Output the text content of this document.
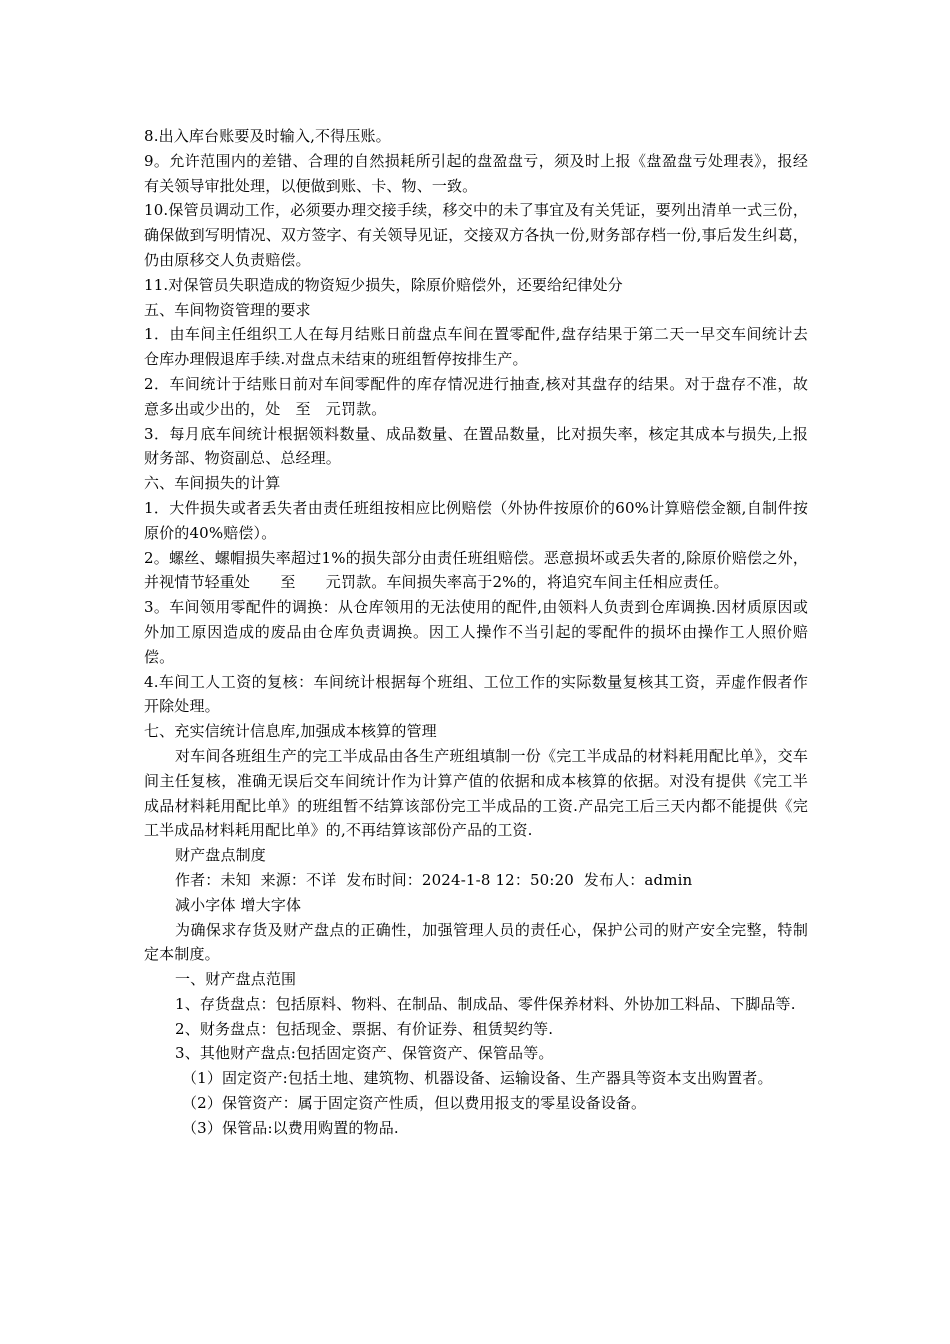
8.出入库台账要及时输入,不得压账。

9。允许范围内的差错、合理的自然损耗所引起的盘盈盘亏，须及时上报《盘盈盘亏处理表》，报经有关领导审批处理，以便做到账、卡、物、一致。

10.保管员调动工作，必须要办理交接手续，移交中的未了事宜及有关凭证，要列出清单一式三份，确保做到写明情况、双方签字、有关领导见证，交接双方各执一份,财务部存档一份,事后发生纠葛，仍由原移交人负责赔偿。

11.对保管员失职造成的物资短少损失，除原价赔偿外，还要给纪律处分

五、车间物资管理的要求

1．由车间主任组织工人在每月结账日前盘点车间在置零配件,盘存结果于第二天一早交车间统计去仓库办理假退库手续.对盘点未结束的班组暂停按排生产。

2．车间统计于结账日前对车间零配件的库存情况进行抽查,核对其盘存的结果。对于盘存不准，故意多出或少出的，处　至　元罚款。

3．每月底车间统计根据领料数量、成品数量、在置品数量，比对损失率，核定其成本与损失,上报财务部、物资副总、总经理。

六、车间损失的计算

1．大件损失或者丢失者由责任班组按相应比例赔偿（外协件按原价的60%计算赔偿金额,自制件按原价的40%赔偿）。

2。螺丝、螺帽损失率超过1%的损失部分由责任班组赔偿。恶意损坏或丢失者的,除原价赔偿之外，并视情节轻重处　　至　　元罚款。车间损失率高于2%的，将追究车间主任相应责任。

3。车间领用零配件的调换：从仓库领用的无法使用的配件,由领料人负责到仓库调换.因材质原因或外加工原因造成的废品由仓库负责调换。因工人操作不当引起的零配件的损坏由操作工人照价赔偿。

4.车间工人工资的复核：车间统计根据每个班组、工位工作的实际数量复核其工资，弄虚作假者作开除处理。

七、充实信统计信息库,加强成本核算的管理

对车间各班组生产的完工半成品由各生产班组填制一份《完工半成品的材料耗用配比单》，交车间主任复核，准确无误后交车间统计作为计算产值的依据和成本核算的依据。对没有提供《完工半成品材料耗用配比单》的班组暂不结算该部份完工半成品的工资.产品完工后三天内都不能提供《完工半成品材料耗用配比单》的,不再结算该部份产品的工资.

财产盘点制度

作者：未知  来源：不详  发布时间：2024-1-8 12：50:20  发布人：admin

减小字体 增大字体

为确保求存货及财产盘点的正确性，加强管理人员的责任心，保护公司的财产安全完整，特制定本制度。

一、财产盘点范围

1、存货盘点：包括原料、物料、在制品、制成品、零件保养材料、外协加工料品、下脚品等.

2、财务盘点：包括现金、票据、有价证券、租赁契约等.

3、其他财产盘点:包括固定资产、保管资产、保管品等。

（1）固定资产:包括土地、建筑物、机器设备、运输设备、生产器具等资本支出购置者。

（2）保管资产：属于固定资产性质，但以费用报支的零星设备设备。

（3）保管品:以费用购置的物品.
